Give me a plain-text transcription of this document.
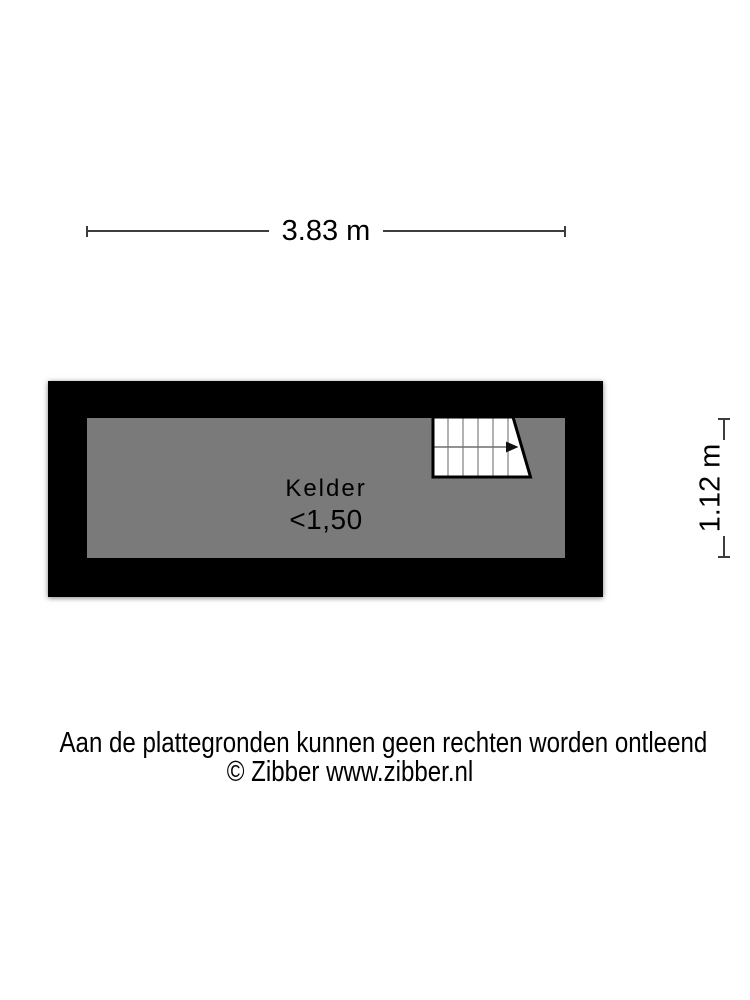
3.83 m
Kelder
<1,50	1.12 m
Aan de plattegronden kunnen geen rechten worden ontleend
© Zibber www.zibber.nl
